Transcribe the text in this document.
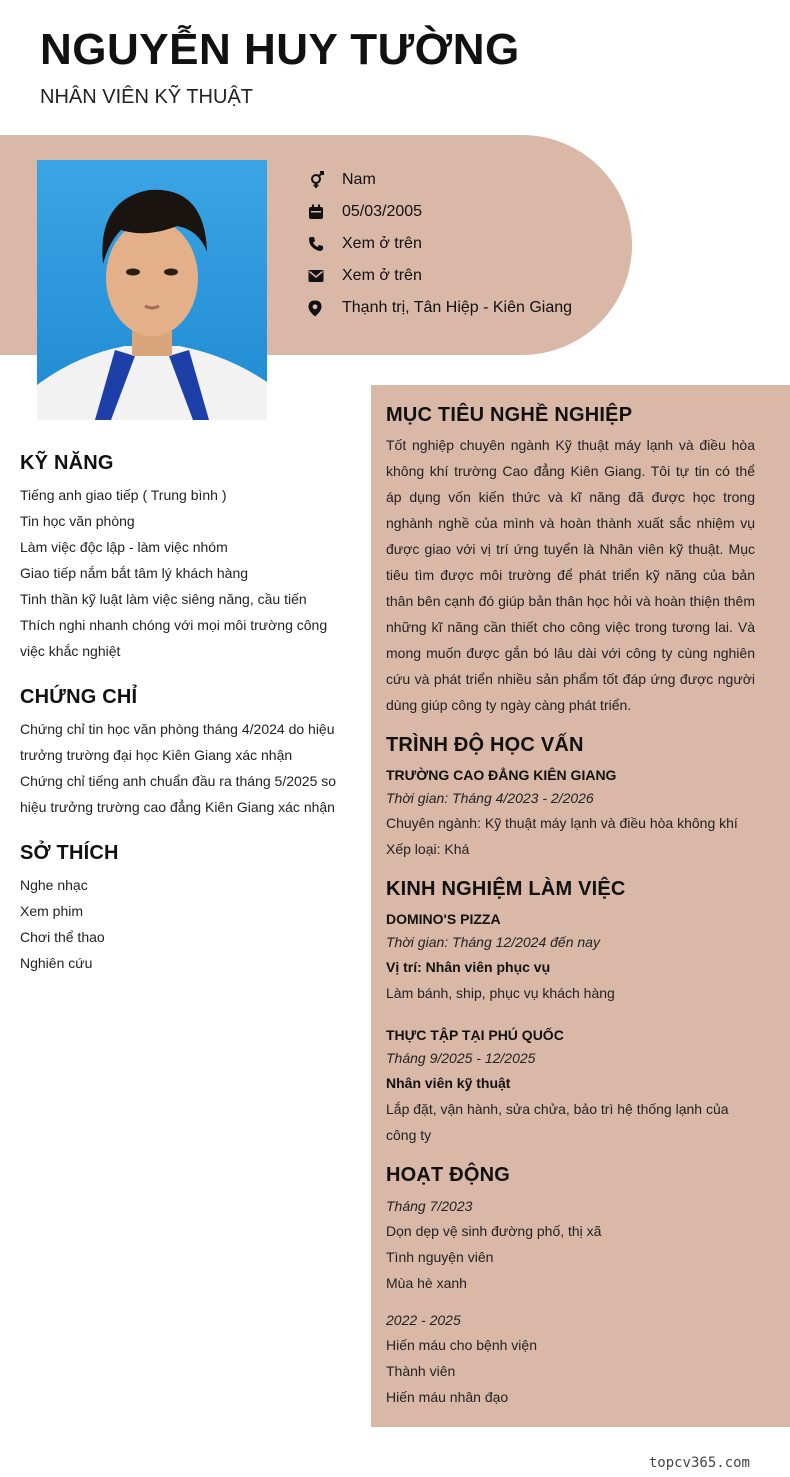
NGUYỄN HUY TƯỜNG
NHÂN VIÊN KỸ THUẬT
Nam
05/03/2005
Xem ở trên
Xem ở trên
Thạnh trị, Tân Hiệp - Kiên Giang
KỸ NĂNG
Tiếng anh giao tiếp ( Trung bình )
Tin học văn phòng
Làm việc độc lập - làm việc nhóm
Giao tiếp nắm bắt tâm lý khách hàng
Tinh thần kỹ luật làm việc siêng năng, cầu tiến
Thích nghi nhanh chóng với mọi môi trường công việc khắc nghiệt
CHỨNG CHỈ
Chứng chỉ tin học văn phòng tháng 4/2024 do hiệu trưởng trường đại học Kiên Giang xác nhận
Chứng chỉ tiếng anh chuẩn đầu ra tháng 5/2025 so hiệu trưởng trường cao đẳng Kiên Giang xác nhận
SỞ THÍCH
Nghe nhạc
Xem phim
Chơi thể thao
Nghiên cứu
MỤC TIÊU NGHỀ NGHIỆP
Tốt nghiệp chuyên ngành Kỹ thuật máy lạnh và điều hòa không khí trường Cao đẳng Kiên Giang. Tôi tự tin có thể áp dụng vốn kiến thức và kĩ năng đã được học trong nghành nghề của mình và hoàn thành xuất sắc nhiệm vụ được giao với vị trí ứng tuyển là Nhân viên kỹ thuật. Mục tiêu tìm được môi trường để phát triển kỹ năng của bản thân bên cạnh đó giúp bản thân học hỏi và hoàn thiện thêm những kĩ năng cần thiết cho công việc trong tương lai. Và mong muốn được gắn bó lâu dài với công ty cùng nghiên cứu và phát triển nhiều sản phẩm tốt đáp ứng được người dùng giúp công ty ngày càng phát triển.
TRÌNH ĐỘ HỌC VẤN
TRƯỜNG CAO ĐẲNG KIÊN GIANG
Thời gian: Tháng 4/2023 - 2/2026
Chuyên ngành: Kỹ thuật máy lạnh và điều hòa không khí
Xếp loại: Khá
KINH NGHIỆM LÀM VIỆC
DOMINO'S PIZZA
Thời gian: Tháng 12/2024 đến nay
Vị trí: Nhân viên phục vụ
Làm bánh, ship, phục vụ khách hàng
THỰC TẬP TẠI PHÚ QUỐC
Tháng 9/2025 - 12/2025
Nhân viên kỹ thuật
Lắp đặt, vận hành, sửa chửa, bảo trì hệ thống lạnh của công ty
HOẠT ĐỘNG
Tháng 7/2023
Dọn dẹp vệ sinh đường phố, thị xã
Tình nguyện viên
Mùa hè xanh
2022 - 2025
Hiến máu cho bệnh viện
Thành viên
Hiến máu nhân đạo
topcv365.com
